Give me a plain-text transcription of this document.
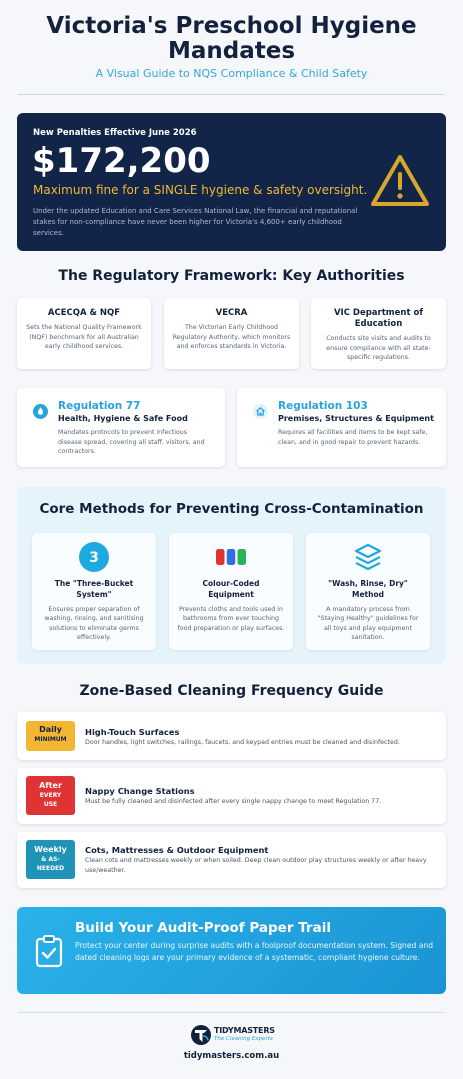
Victoria's Preschool Hygiene Mandates
A Visual Guide to NQS Compliance & Child Safety
New Penalties Effective June 2026
$172,200
Maximum fine for a SINGLE hygiene & safety oversight.
Under the updated Education and Care Services National Law, the financial and reputational stakes for non-compliance have never been higher for Victoria's 4,600+ early childhood services.
The Regulatory Framework: Key Authorities
ACECQA & NQF

Sets the National Quality Framework (NQF) benchmark for all Australian early childhood services.

VECRA

The Victorian Early Childhood Regulatory Authority, which monitors and enforces standards in Victoria.

VIC Department of Education

Conducts site visits and audits to ensure compliance with all state-specific regulations.

Regulation 77
Health, Hygiene & Safe Food
Mandates protocols to prevent infectious disease spread, covering all staff, visitors, and contractors.
Regulation 103
Premises, Structures & Equipment
Requires all facilities and items to be kept safe, clean, and in good repair to prevent hazards.
Core Methods for Preventing Cross-Contamination
3
The "Three-Bucket System"

Ensures proper separation of washing, rinsing, and sanitising solutions to eliminate germs effectively.

Colour-Coded Equipment

Prevents cloths and tools used in bathrooms from ever touching food preparation or play surfaces.

"Wash, Rinse, Dry" Method

A mandatory process from "Staying Healthy" guidelines for all toys and play equipment sanitation.

Zone-Based Cleaning Frequency Guide
Daily
MINIMUM
High-Touch Surfaces
Door handles, light switches, railings, faucets, and keypad entries must be cleaned and disinfected.
After
EVERY
USE
Nappy Change Stations
Must be fully cleaned and disinfected after every single nappy change to meet Regulation 77.
Weekly
& AS-
NEEDED
Cots, Mattresses & Outdoor Equipment
Clean cots and mattresses weekly or when soiled. Deep clean outdoor play structures weekly or after heavy use/weather.
Build Your Audit-Proof Paper Trail
Protect your center during surprise audits with a foolproof documentation system. Signed and dated cleaning logs are your primary evidence of a systematic, compliant hygiene culture.
TIDYMASTERS
The Cleaning Experts
tidymasters.com.au
